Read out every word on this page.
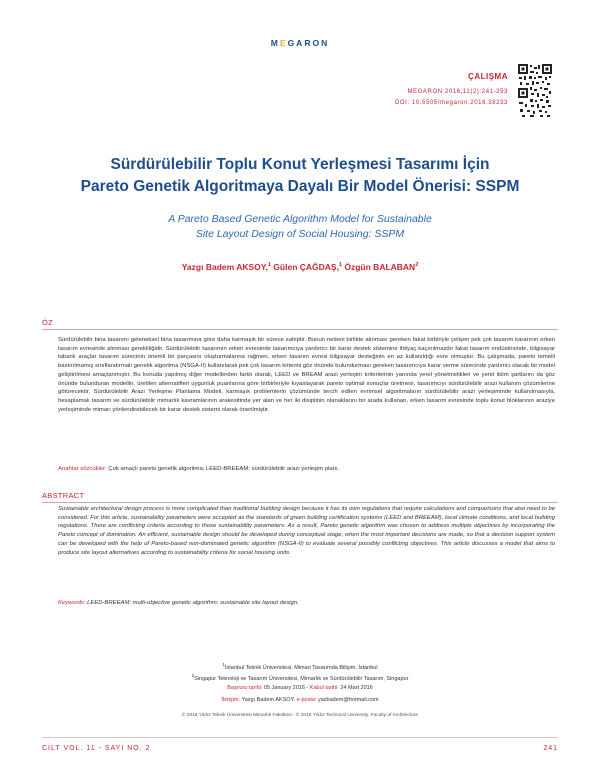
MEGARON
ÇALIŞMA
MEGARON 2016;11(2):241-253
DOI: 10.5505/megaron.2016.38233
Sürdürülebilir Toplu Konut Yerleşmesi Tasarımı İçin
Pareto Genetik Algoritmaya Dayalı Bir Model Önerisi: SSPM
A Pareto Based Genetic Algorithm Model for Sustainable
Site Layout Design of Social Housing: SSPM
Yazgı Badem AKSOY,$^1$ Gülen ÇAĞDAŞ,$^1$ Özgün BALABAN$^2$
ÖZ
Sürdürülebilir bina tasarımı geleneksel bina tasarımına göre daha karmaşık bir sürece sahiptir. Bunun nedeni birlikte alınması gereken fakat birbiriyle çelişen pek çok tasarım kararının erken tasarım evresinde alınması gerekliliğidir. Sürdürülebilir tasarımın erken evresinde tasarımcıya yardımcı bir karar destek sistemine ihtiyaç kaçınılmazdır fakat tasarım endüstrisinde, bilgisayar tabanlı araçlar tasarım sürecinin önemli bir parçasını oluşturmalarına rağmen, erken tasarım evresi bilgisayar desteğinin en az kullanıldığı evre olmuştur. Bu çalışmada, pareto temelli bastırılmamış sınıflandırmalı genetik algoritma (NSGA-II) kullanılarak pek çok tasarım kriterini göz önünde bulundurması gereken tasarımcıya karar verme sürecinde yardımcı olacak bir model geliştirilmesi amaçlanmıştır. Bu konuda yapılmış diğer modellerden farklı olarak, LEED ve BREAM arazi yerleşim kriterlerinin yanında yerel yönetmelikleri ve yerel iklim şartlarını da göz önünde bulunduran modellin, üretilen alternatifleri uygunluk puanlarına göre birbirleriyle kıyaslayarak pareto optimal sonuçlar üretmesi, tasarımcıyı sürdürülebilir arazi kullanım çözümlerine götürecektir. Sürdürülebilir Arazi Yerleşme Planlama Modeli, karmaşık problemlerin çözümünde tercih edilen evrimsel algoritmaların sürdürülebilir arazi yerleşiminde kullanılmasıyla, hesaplamalı tasarım ve sürdürülebilir mimarlık kavramlarının arakesitinde yer alan ve her iki disiplinin olanaklarını bir arada kullanan, erken tasarım evresinde toplu konut bloklarının araziye yerleşiminde mimarı yönlendirebilecek bir karar destek sistemi olarak önerilmiştir.
Anahtar sözcükler: Çok amaçlı pareto genetik algoritma; LEED-BREEAM; sürdürülebilir arazi yerleşim planı.
ABSTRACT
Sustainable architectural design process is more complicated than traditional building design because it has its own regulations that require calculations and comparisons that also need to be considered. For this article, sustainability parameters were accepted as the standards of green building certification systems (LEED and BREEAM), local climate conditions, and local building regulations. There are conflicting criteria according to those sustainability parameters. As a result, Pareto genetic algorithm was chosen to address multiple objectives by incorporating the Pareto concept of domination. An efficient, sustainable design should be developed during conceptual stage, when the most important decisions are made, so that a decision support system can be developed with the help of Pareto-based non-dominated genetic algorithm (NSGA-II) to evaluate several possibly conflicting objectives. This article discusses a model that aims to produce site layout alternatives according to sustainability criteria for social housing units.
Keywords: LEED-BREEAM; multi-objective genetic algorithm; sustainable site layout design.
$^1$İstanbul Teknik Üniversitesi, Mimari Tasarımda Bilişim, İstanbul
$^2$Singapur Teknoloji ve Tasarım Üniversitesi, Mimarlık ve Sürdürülebilir Tasarım, Singapur
Başvuru tarihi: 05 January 2016 - Kabul tarihi: 24 Mart 2016
İletişim: Yazgı Badem AKSOY. e-posta: yazbadem@hotmail.com
© 2016 Yıldız Teknik Üniversitesi Mimarlık Fakültesi - © 2016 Yıldız Technical University, Faculty of Architecture
CİLT VOL. 11 - SAYI NO. 2	241
